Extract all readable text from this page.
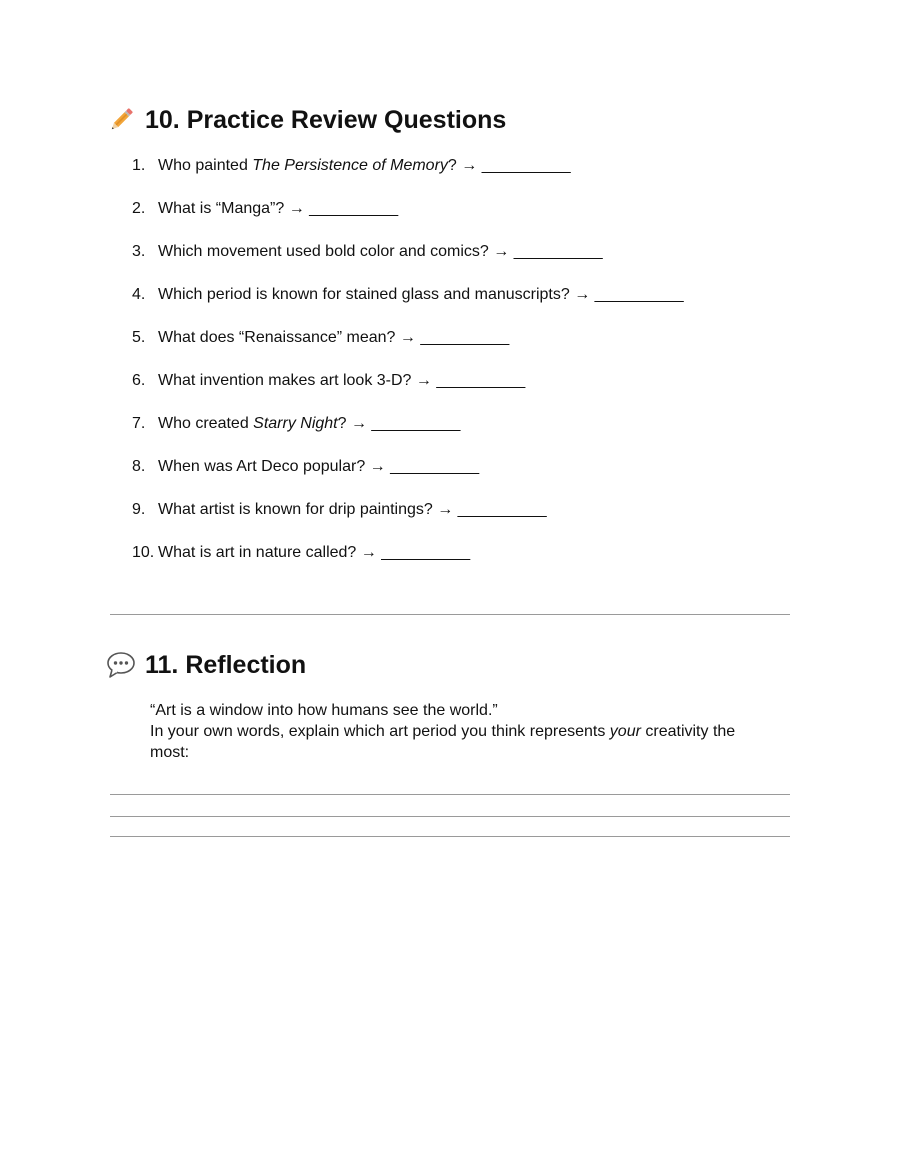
10. Practice Review Questions
1. Who painted The Persistence of Memory? → __________
2. What is “Manga”? → __________
3. Which movement used bold color and comics? → __________
4. Which period is known for stained glass and manuscripts? → __________
5. What does “Renaissance” mean? → __________
6. What invention makes art look 3-D? → __________
7. Who created Starry Night? → __________
8. When was Art Deco popular? → __________
9. What artist is known for drip paintings? → __________
10. What is art in nature called? → __________
11. Reflection

“Art is a window into how humans see the world.”

In your own words, explain which art period you think represents your creativity the most:
